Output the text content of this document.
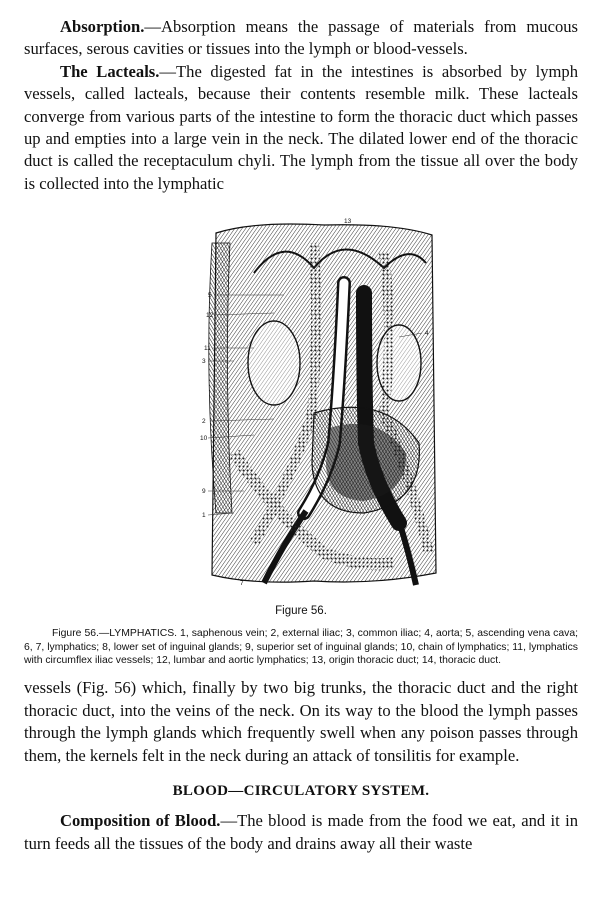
Absorption.—Absorption means the passage of materials from mucous surfaces, serous cavities or tissues into the lymph or blood-vessels.

The Lacteals.—The digested fat in the intestines is absorbed by lymph vessels, called lacteals, because their contents resemble milk. These lacteals converge from various parts of the intestine to form the thoracic duct which passes up and empties into a large vein in the neck. The dilated lower end of the thoracic duct is called the receptaculum chyli. The lymph from the tissue all over the body is collected into the lymphatic

13
5
12
11
3
4
2
10
9
1
7

Figure 56.

Figure 56.—LYMPHATICS. 1, saphenous vein; 2, external iliac; 3, common iliac; 4, aorta; 5, ascending vena cava; 6, 7, lymphatics; 8, lower set of inguinal glands; 9, superior set of inguinal glands; 10, chain of lymphatics; 11, lymphatics with circumflex iliac vessels; 12, lumbar and aortic lymphatics; 13, origin thoracic duct; 14, thoracic duct.

vessels (Fig. 56) which, finally by two big trunks, the thoracic duct and the right thoracic duct, into the veins of the neck. On its way to the blood the lymph passes through the lymph glands which frequently swell when any poison passes through them, the kernels felt in the neck during an attack of tonsilitis for example.

BLOOD—CIRCULATORY SYSTEM.

Composition of Blood.—The blood is made from the food we eat, and it in turn feeds all the tissues of the body and drains away all their waste
